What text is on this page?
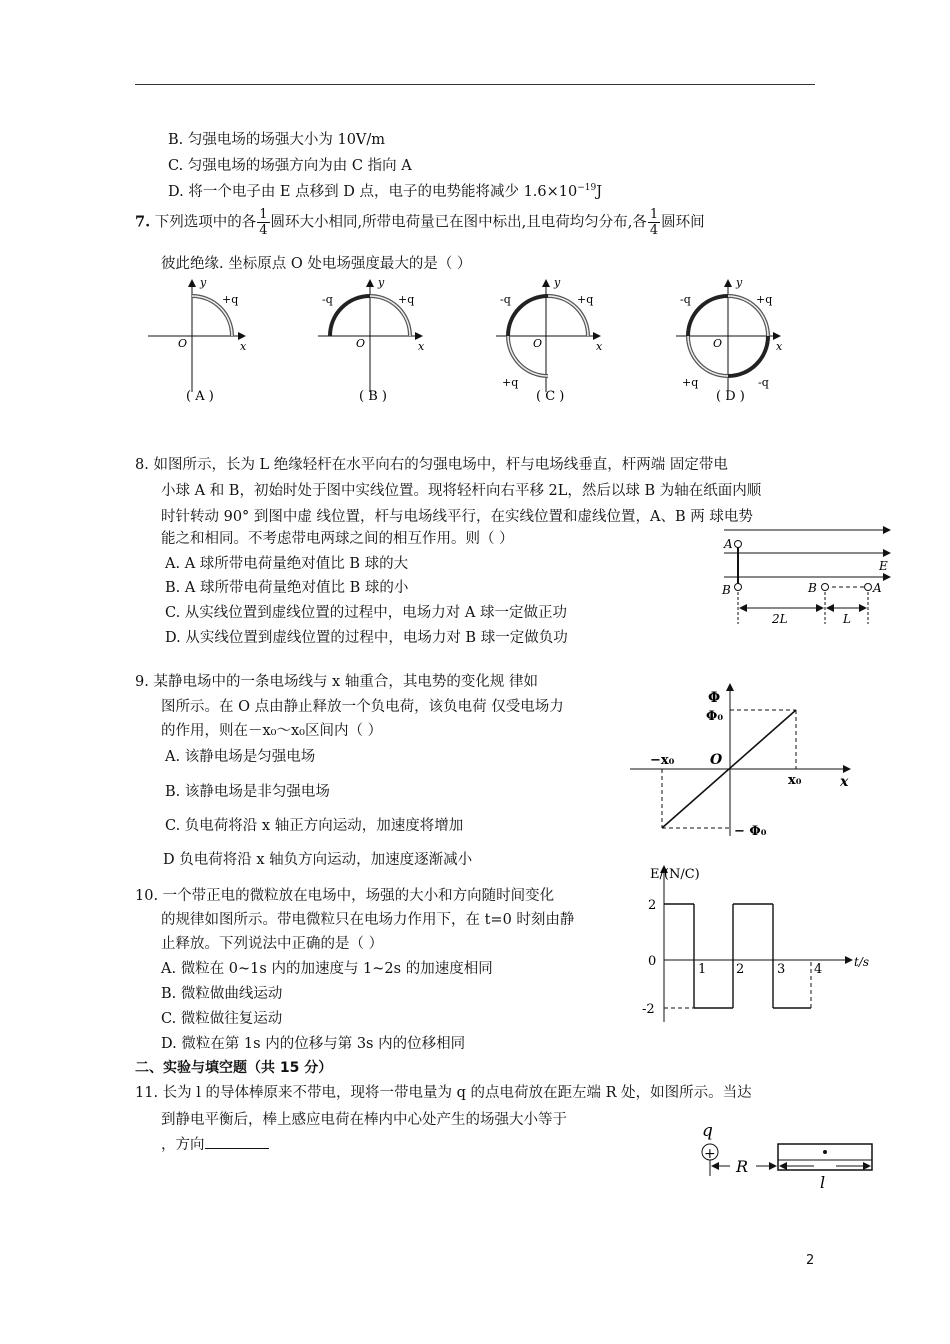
B. 匀强电场的场强大小为 10V/m
C. 匀强电场的场强方向为由 C 指向 A
D. 将一个电子由 E 点移到 D 点，电子的电势能将减少 $1.6\times 10^{-19}J$
7. 下列选项中的各 $\frac{1}{4}$ 圆环大小相同,所带电荷量已在图中标出,且电荷均匀分布,各 $\frac{1}{4}$ 圆环间
彼此绝缘. 坐标原点 O 处电场强度最大的是（ ）
y
x
O
+q
( A )
y
x
O
-q	+q
( B )
y
x
O
-q	+q
+q
( C )
y
x
O
-q	+q
+q	-q
( D )
8. 如图所示，长为 L 绝缘轻杆在水平向右的匀强电场中，杆与电场线垂直，杆两端 固定带电
小球 A 和 B，初始时处于图中实线位置。现将轻杆向右平移 2L，然后以球 B 为轴在纸面内顺
时针转动 90° 到图中虚 线位置，杆与电场线平行，在实线位置和虚线位置，A、B 两 球电势
能之和相同。不考虑带电两球之间的相互作用。则（ ）
A. A 球所带电荷量绝对值比 B 球的大
B. A 球所带电荷量绝对值比 B 球的小
C. 从实线位置到虚线位置的过程中，电场力对 A 球一定做正功
D. 从实线位置到虚线位置的过程中，电场力对 B 球一定做负功
A
B	B	A
E
2L	L
9. 某静电场中的一条电场线与 x 轴重合，其电势的变化规 律如
图所示。在 O 点由静止释放一个负电荷，该负电荷 仅受电场力
的作用，则在－x₀～x₀区间内（ ）
A. 该静电场是匀强电场
B. 该静电场是非匀强电场
C. 负电荷将沿 x 轴正方向运动，加速度将增加
D 负电荷将沿 x 轴负方向运动，加速度逐渐减小
Φ
Φ₀
− Φ₀
−x₀
x₀
O
x
10. 一个带正电的微粒放在电场中，场强的大小和方向随时间变化
的规律如图所示。带电微粒只在电场力作用下，在 t=0 时刻由静
止释放。下列说法中正确的是（ ）
A. 微粒在 0~1s 内的加速度与 1~2s 的加速度相同
B. 微粒做曲线运动
C. 微粒做往复运动
D. 微粒在第 1s 内的位移与第 3s 内的位移相同
E/(N/C)
t/s
2
0
-2
1 2	3 4
二、实验与填空题（共 15 分）
11. 长为 l 的导体棒原来不带电，现将一带电量为 q 的点电荷放在距左端 R 处，如图所示。当达
到静电平衡后，棒上感应电荷在棒内中心处产生的场强大小等于
，方向
q
+
R
l
2
